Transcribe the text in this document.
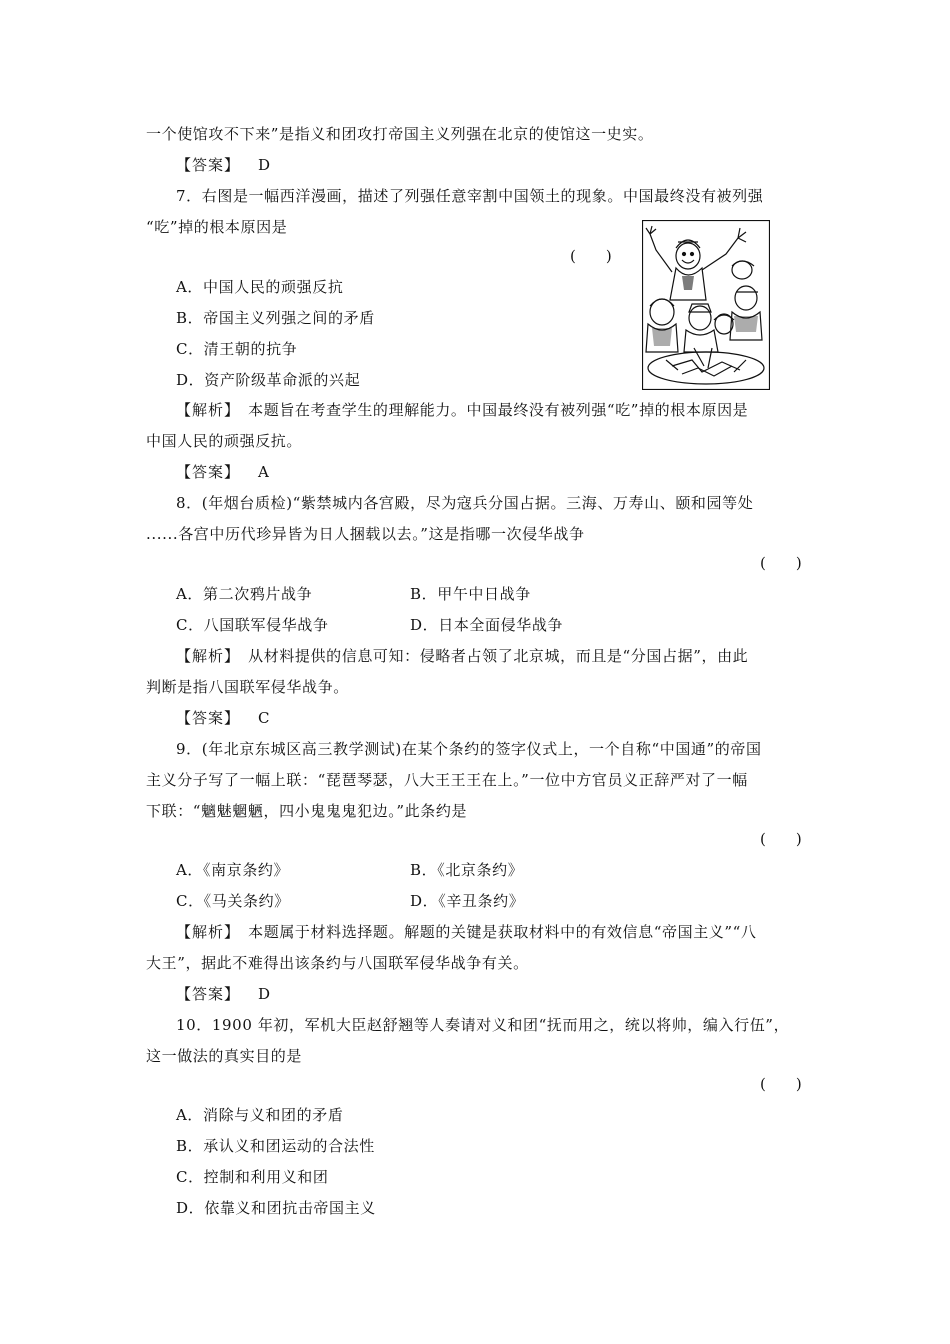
一个使馆攻不下来”是指义和团攻打帝国主义列强在北京的使馆这一史实。
【答案】 D
7．右图是一幅西洋漫画，描述了列强任意宰割中国领土的现象。中国最终没有被列强
“吃”掉的根本原因是
(　　)
A．中国人民的顽强反抗
B．帝国主义列强之间的矛盾
C．清王朝的抗争
D．资产阶级革命派的兴起
【解析】　 本题旨在考查学生的理解能力。中国最终没有被列强“吃”掉的根本原因是
中国人民的顽强反抗。
【答案】 A
8．(年烟台质检)“紫禁城内各宫殿，尽为寇兵分国占据。三海、万寿山、颐和园等处
......各宫中历代珍异皆为日人捆载以去。”这是指哪一次侵华战争
(　　)
A．第二次鸦片战争	B．甲午中日战争
C．八国联军侵华战争	D．日本全面侵华战争
【解析】　 从材料提供的信息可知：侵略者占领了北京城，而且是“分国占据”，由此
判断是指八国联军侵华战争。
【答案】 C
9．(年北京东城区高三教学测试)在某个条约的签字仪式上，一个自称“中国通”的帝国
主义分子写了一幅上联：“琵琶琴瑟，八大王王王在上。”一位中方官员义正辞严对了一幅
下联：“魑魅魍魉，四小鬼鬼鬼犯边。”此条约是
(　　)
A．《南京条约》	B．《北京条约》
C．《马关条约》	D．《辛丑条约》
【解析】　 本题属于材料选择题。解题的关键是获取材料中的有效信息“帝国主义”“八
大王”，据此不难得出该条约与八国联军侵华战争有关。
【答案】 D
10．1900 年初，军机大臣赵舒翘等人奏请对义和团“抚而用之，统以将帅，编入行伍”，
这一做法的真实目的是
(　　)
A．消除与义和团的矛盾
B．承认义和团运动的合法性
C．控制和利用义和团
D．依靠义和团抗击帝国主义
